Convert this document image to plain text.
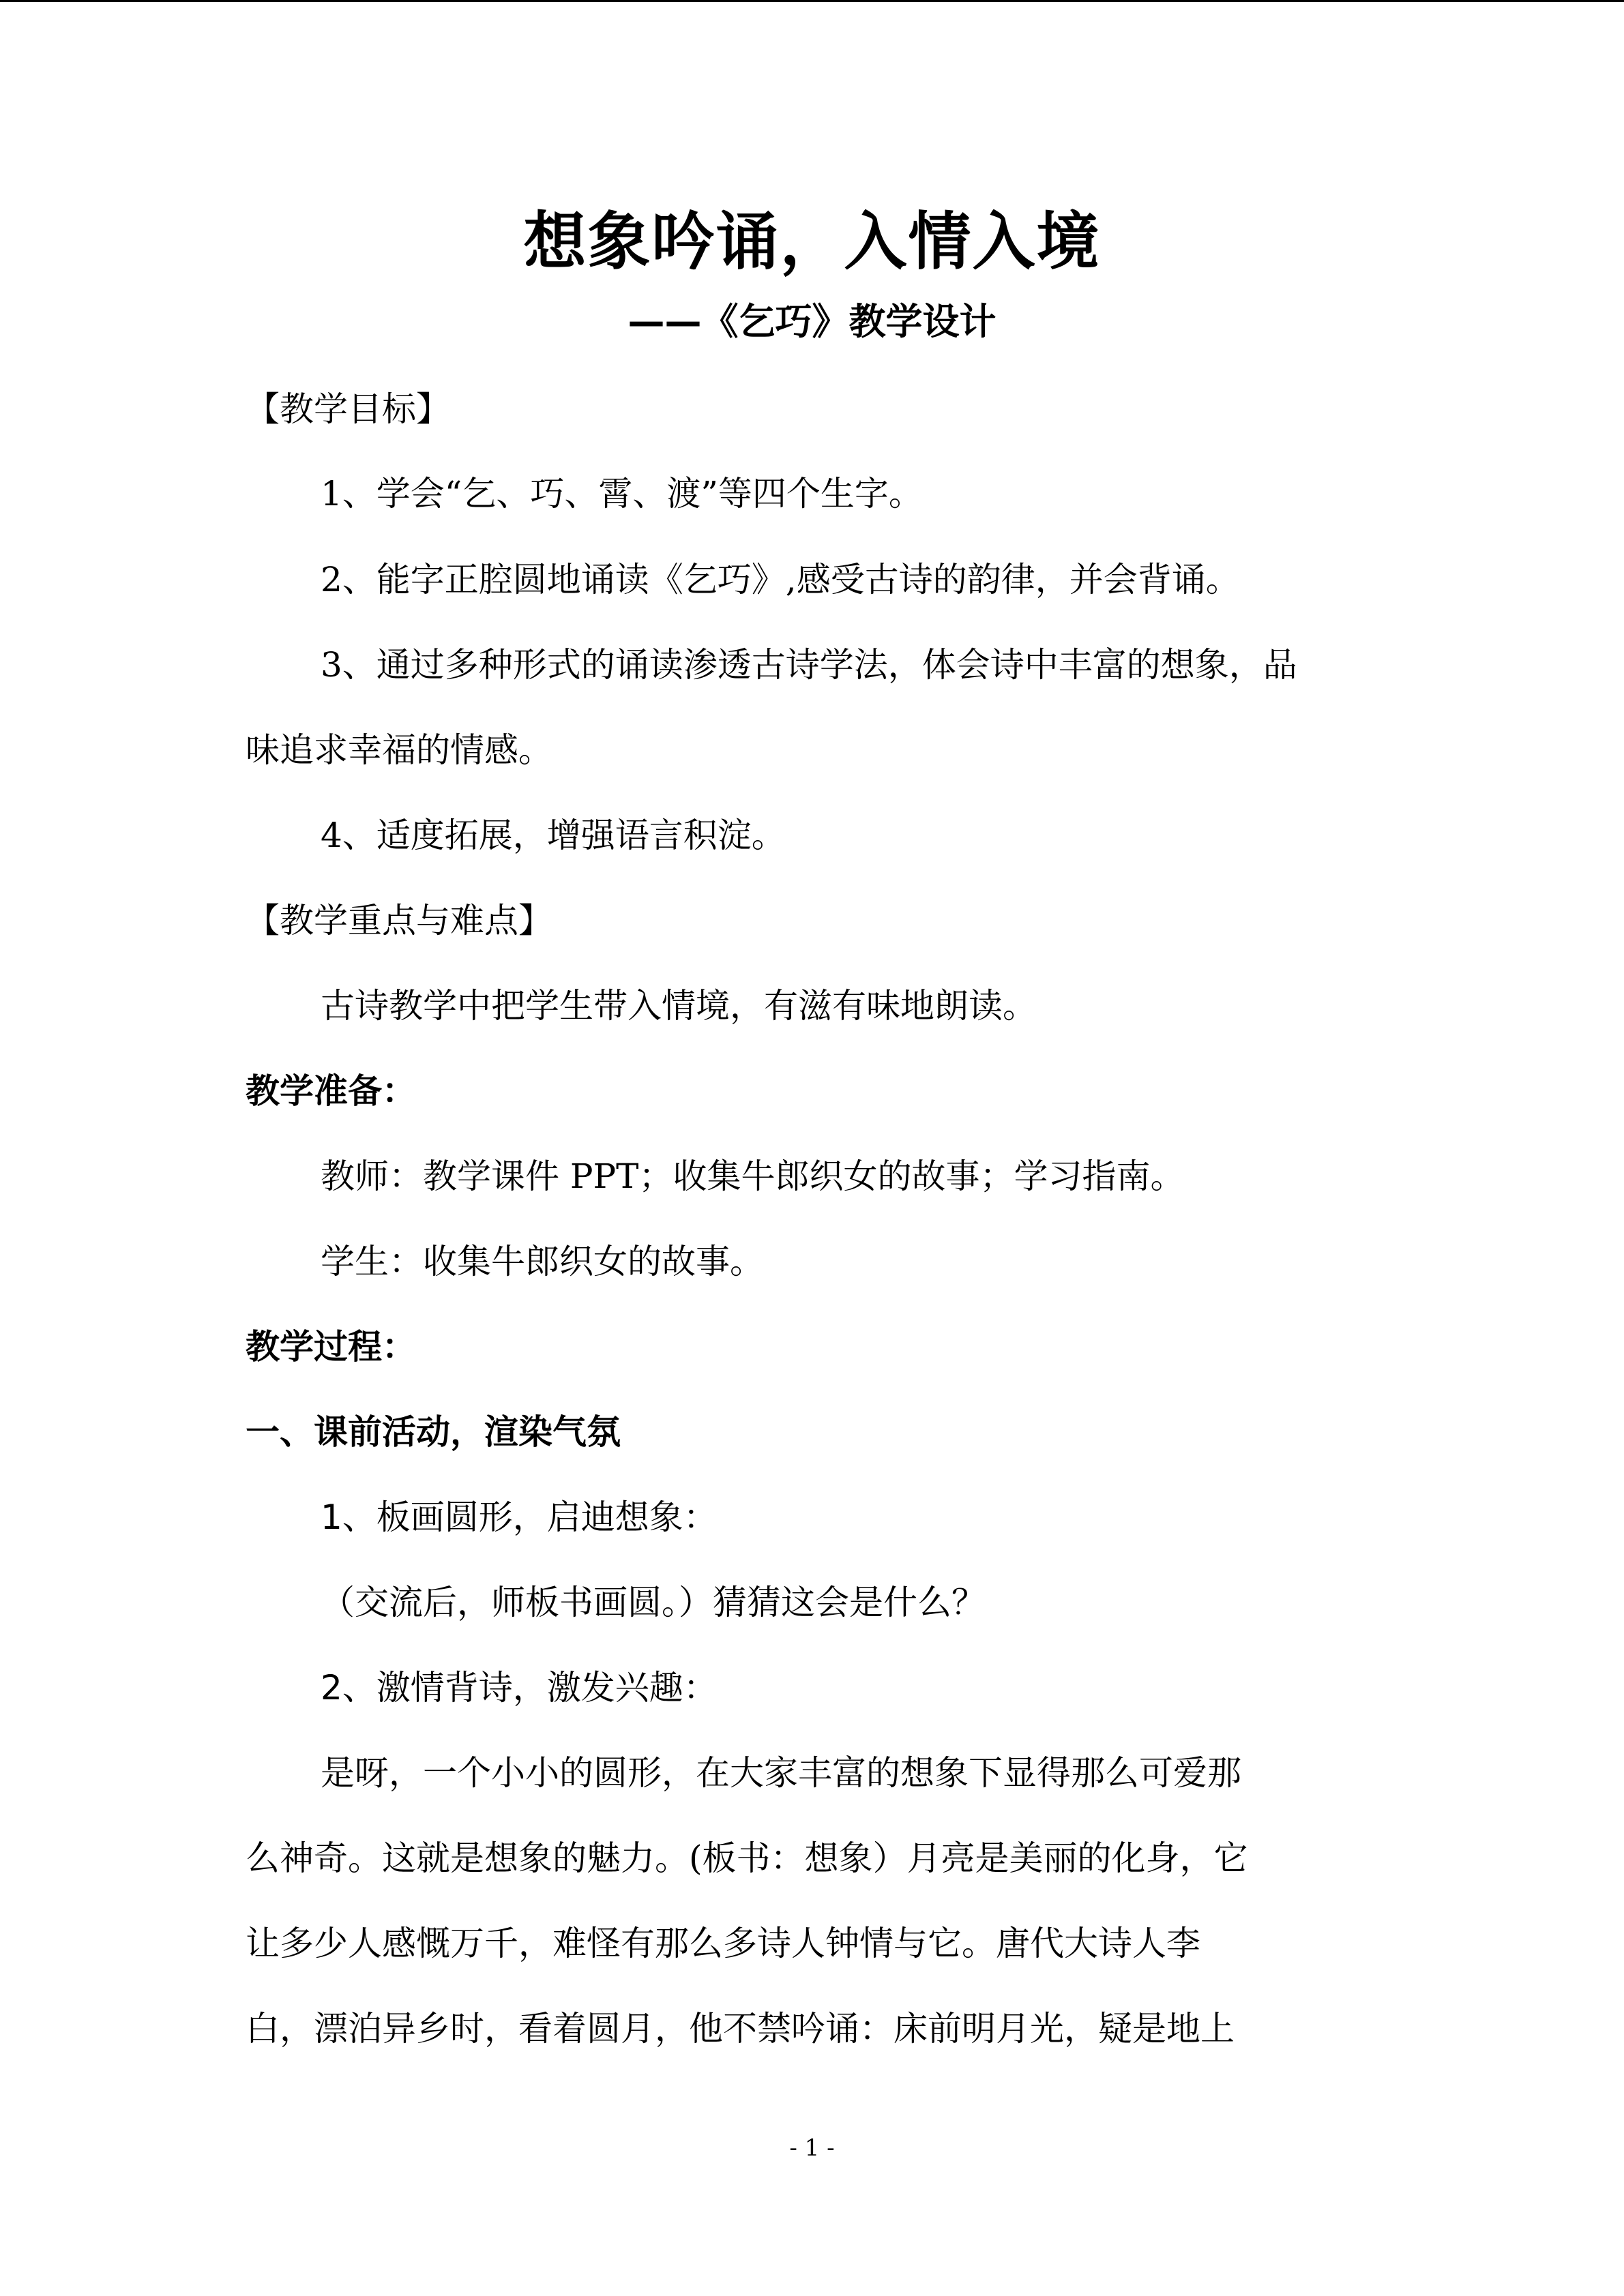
想象吟诵，入情入境
——《乞巧》教学设计
【教学目标】
1、学会“乞、巧、霄、渡”等四个生字。
2、能字正腔圆地诵读《乞巧》,感受古诗的韵律，并会背诵。
3、通过多种形式的诵读渗透古诗学法，体会诗中丰富的想象，品
味追求幸福的情感。
4、适度拓展，增强语言积淀。
【教学重点与难点】
古诗教学中把学生带入情境，有滋有味地朗读。
教学准备：
教师：教学课件 PPT；收集牛郎织女的故事；学习指南。
学生：收集牛郎织女的故事。
教学过程：
一、课前活动，渲染气氛
1、板画圆形，启迪想象：
（交流后，师板书画圆。）猜猜这会是什么？
2、激情背诗，激发兴趣：
是呀，一个小小的圆形，在大家丰富的想象下显得那么可爱那
么神奇。这就是想象的魅力。(板书：想象）月亮是美丽的化身，它
让多少人感慨万千，难怪有那么多诗人钟情与它。唐代大诗人李
白，漂泊异乡时，看着圆月，他不禁吟诵：床前明月光，疑是地上
- 1 -
